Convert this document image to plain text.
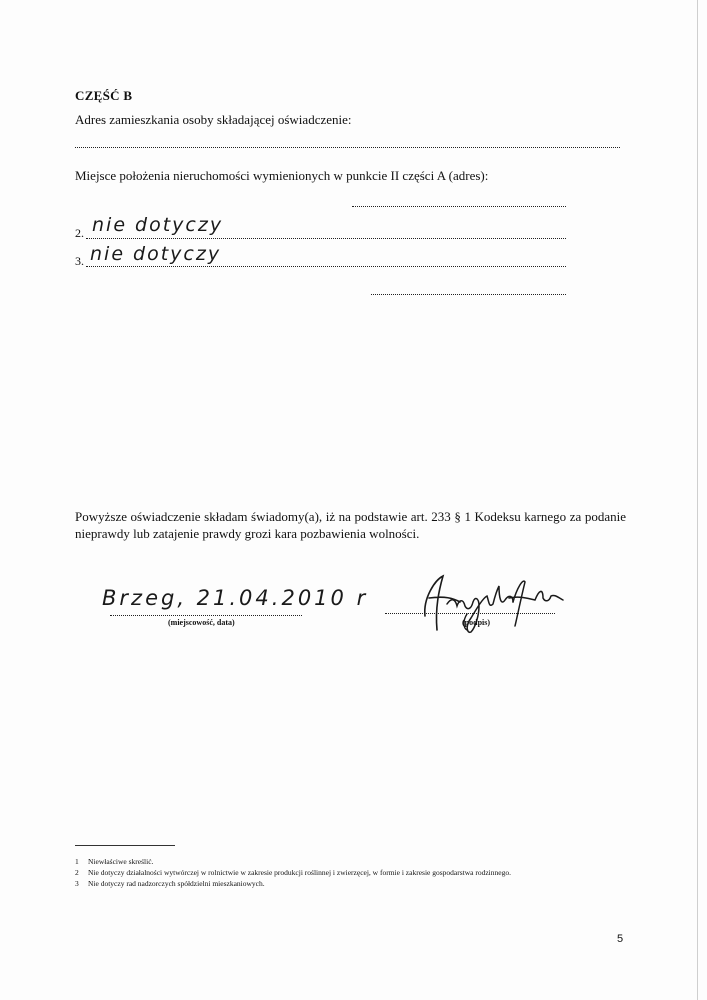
CZĘŚĆ B
Adres zamieszkania osoby składającej oświadczenie:
Miejsce położenia nieruchomości wymienionych w punkcie II części A (adres):
2. nie dotyczy
3. nie dotyczy
Powyższe oświadczenie składam świadomy(a), iż na podstawie art. 233 § 1 Kodeksu karnego za podanie nieprawdy lub zatajenie prawdy grozi kara pozbawienia wolności.
Brzeg, 21.04.2010 r
(miejscowość, data)	(podpis)
1	Niewłaściwe skreślić.
2	Nie dotyczy działalności wytwórczej w rolnictwie w zakresie produkcji roślinnej i zwierzęcej, w formie i zakresie gospodarstwa rodzinnego.
3	Nie dotyczy rad nadzorczych spółdzielni mieszkaniowych.
5
